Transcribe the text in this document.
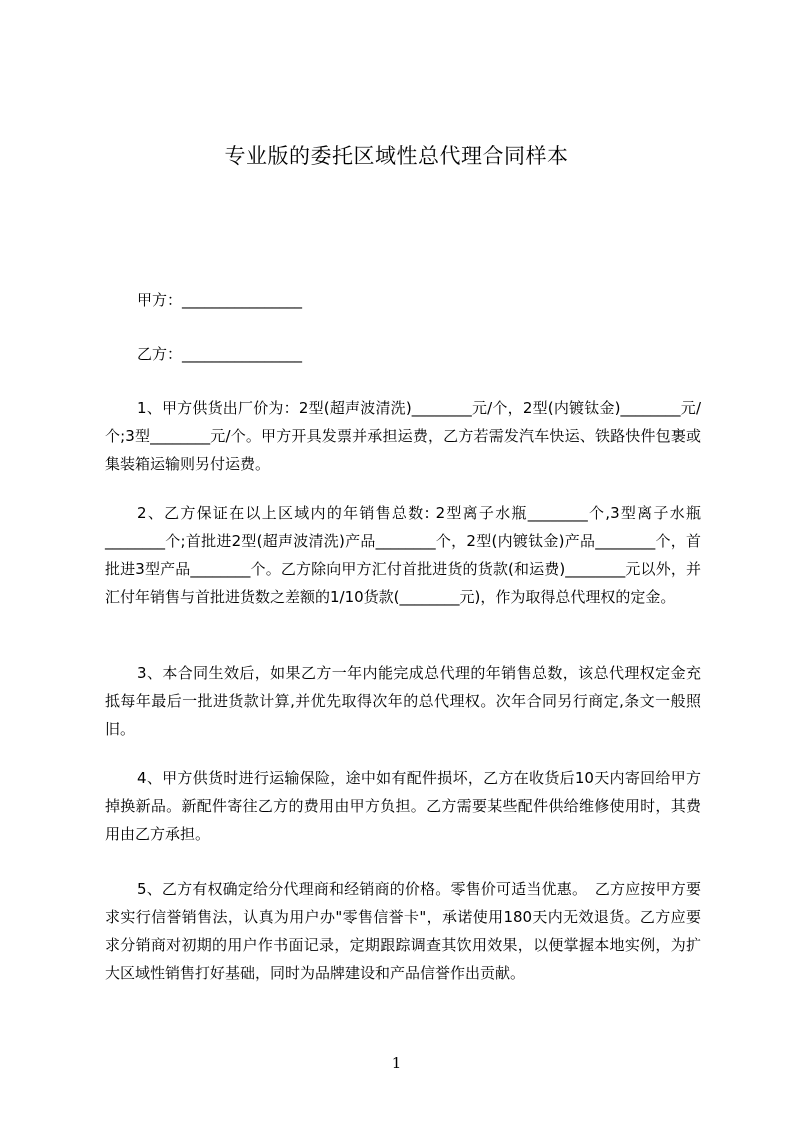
专业版的委托区域性总代理合同样本
甲方：________________
乙方：________________

1、甲方供货出厂价为：2型(超声波清洗)________元/个，2型(内镀钛金)________元/个;3型________元/个。甲方开具发票并承担运费，乙方若需发汽车快运、铁路快件包裹或集装箱运输则另付运费。

2、乙方保证在以上区域内的年销售总数: 2型离子水瓶________个,3型离子水瓶________个;首批进2型(超声波清洗)产品________个，2型(内镀钛金)产品________个，首批进3型产品________个。乙方除向甲方汇付首批进货的货款(和运费)________元以外，并汇付年销售与首批进货数之差额的1/10货款(________元)，作为取得总代理权的定金。

3、本合同生效后，如果乙方一年内能完成总代理的年销售总数，该总代理权定金充抵每年最后一批进货款计算,并优先取得次年的总代理权。次年合同另行商定,条文一般照旧。

4、甲方供货时进行运输保险，途中如有配件损坏，乙方在收货后10天内寄回给甲方掉换新品。新配件寄往乙方的费用由甲方负担。乙方需要某些配件供给维修使用时，其费用由乙方承担。

5、乙方有权确定给分代理商和经销商的价格。零售价可适当优惠。　乙方应按甲方要求实行信誉销售法，认真为用户办"零售信誉卡"，承诺使用180天内无效退货。乙方应要求分销商对初期的用户作书面记录，定期跟踪调查其饮用效果，以便掌握本地实例，为扩大区域性销售打好基础，同时为品牌建设和产品信誉作出贡献。

1
